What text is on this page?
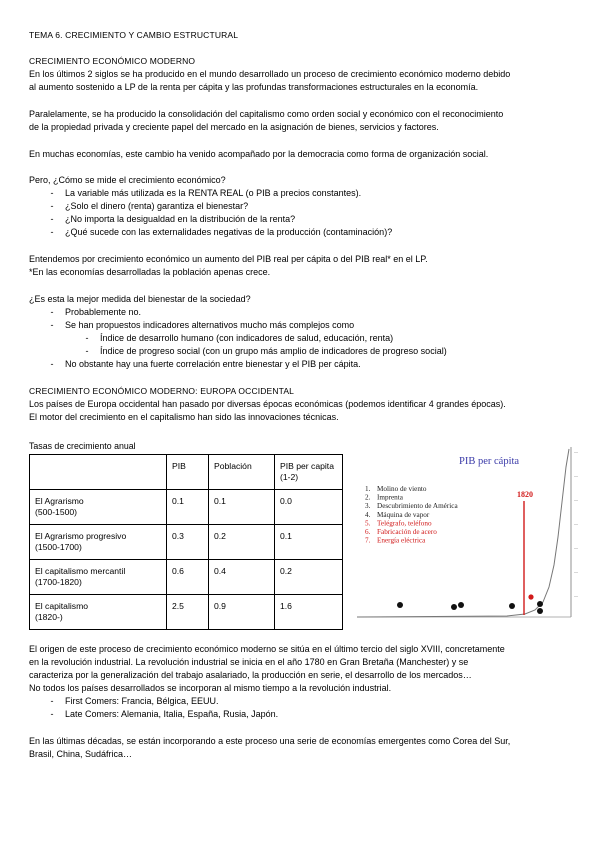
TEMA 6. CRECIMIENTO Y CAMBIO ESTRUCTURAL
CRECIMIENTO ECONÓMICO MODERNO
En los últimos 2 siglos se ha producido en el mundo desarrollado un proceso de crecimiento económico moderno debido
al aumento sostenido a LP de la renta per cápita y las profundas transformaciones estructurales en la economía.
Paralelamente, se ha producido la consolidación del capitalismo como orden social y económico con el reconocimiento
de la propiedad privada y creciente papel del mercado en la asignación de bienes, servicios y factores.
En muchas economías, este cambio ha venido acompañado por la democracia como forma de organización social.
Pero, ¿Cómo se mide el crecimiento económico?
-	La variable más utilizada es la RENTA REAL (o PIB a precios constantes).
-	¿Solo el dinero (renta) garantiza el bienestar?
-	¿No importa la desigualdad en la distribución de la renta?
-	¿Qué sucede con las externalidades negativas de la producción (contaminación)?
Entendemos por crecimiento económico un aumento del PIB real per cápita o del PIB real* en el LP.
*En las economías desarrolladas la población apenas crece.
¿Es esta la mejor medida del bienestar de la sociedad?
-	Probablemente no.
-	Se han propuestos indicadores alternativos mucho más complejos como
-	Índice de desarrollo humano (con indicadores de salud, educación, renta)
-	Índice de progreso social (con un grupo más amplio de indicadores de progreso social)
-	No obstante hay una fuerte correlación entre bienestar y el PIB per cápita.
CRECIMIENTO ECONÓMICO MODERNO: EUROPA OCCIDENTAL
Los países de Europa occidental han pasado por diversas épocas económicas (podemos identificar 4 grandes épocas).
El motor del crecimiento en el capitalismo han sido las innovaciones técnicas.
Tasas de crecimiento anual
	PIB	Población	PIB per capita (1-2)

El Agrarismo
(500-1500)	0.1	0.1	0.0

El Agrarismo progresivo
(1500-1700)	0.3	0.2	0.1

El capitalismo mercantil
(1700-1820)	0.6	0.4	0.2

El capitalismo
(1820-)	2.5	0.9	1.6
PIB per cápita
—
—
—
—
—
—
—
1820
1. Molino de viento
2. Imprenta
3. Descubrimiento de América
4. Máquina de vapor
5. Telégrafo, teléfono
6. Fabricación de acero
7. Energía eléctrica
El origen de este proceso de crecimiento económico moderno se sitúa en el último tercio del siglo XVIII, concretamente
en la revolución industrial. La revolución industrial se inicia en el año 1780 en Gran Bretaña (Manchester) y se
caracteriza por la generalización del trabajo asalariado, la producción en serie, el desarrollo de los mercados…
No todos los países desarrollados se incorporan al mismo tiempo a la revolución industrial.
-	First Comers: Francia, Bélgica, EEUU.
-	Late Comers: Alemania, Italia, España, Rusia, Japón.
En las últimas décadas, se están incorporando a este proceso una serie de economías emergentes como Corea del Sur,
Brasil, China, Sudáfrica…
